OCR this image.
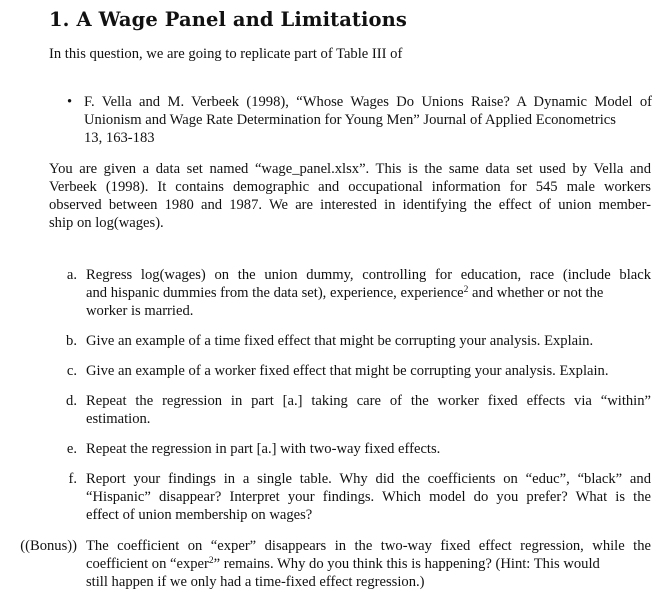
1. A Wage Panel and Limitations
In this question, we are going to replicate part of Table III of
• F. Vella and M. Verbeek (1998), “Whose Wages Do Unions Raise? A Dynamic Model of
Unionism and Wage Rate Determination for Young Men” Journal of Applied Econometrics
13, 163-183
You are given a data set named “wage_panel.xlsx”. This is the same data set used by Vella and
Verbeek (1998). It contains demographic and occupational information for 545 male workers
observed between 1980 and 1987. We are interested in identifying the effect of union member-
ship on log(wages).
a. Regress log(wages) on the union dummy, controlling for education, race (include black
and hispanic dummies from the data set), experience, experience$^2$ and whether or not the
worker is married.
b. Give an example of a time fixed effect that might be corrupting your analysis. Explain.
c. Give an example of a worker fixed effect that might be corrupting your analysis. Explain.
d. Repeat the regression in part [a.] taking care of the worker fixed effects via “within”
estimation.
e. Repeat the regression in part [a.] with two-way fixed effects.
f. Report your findings in a single table. Why did the coefficients on “educ”, “black” and
“Hispanic” disappear? Interpret your findings. Which model do you prefer? What is the
effect of union membership on wages?
((Bonus)) The coefficient on “exper” disappears in the two-way fixed effect regression, while the
coefficient on “exper$^2$” remains. Why do you think this is happening? (Hint: This would
still happen if we only had a time-fixed effect regression.)
